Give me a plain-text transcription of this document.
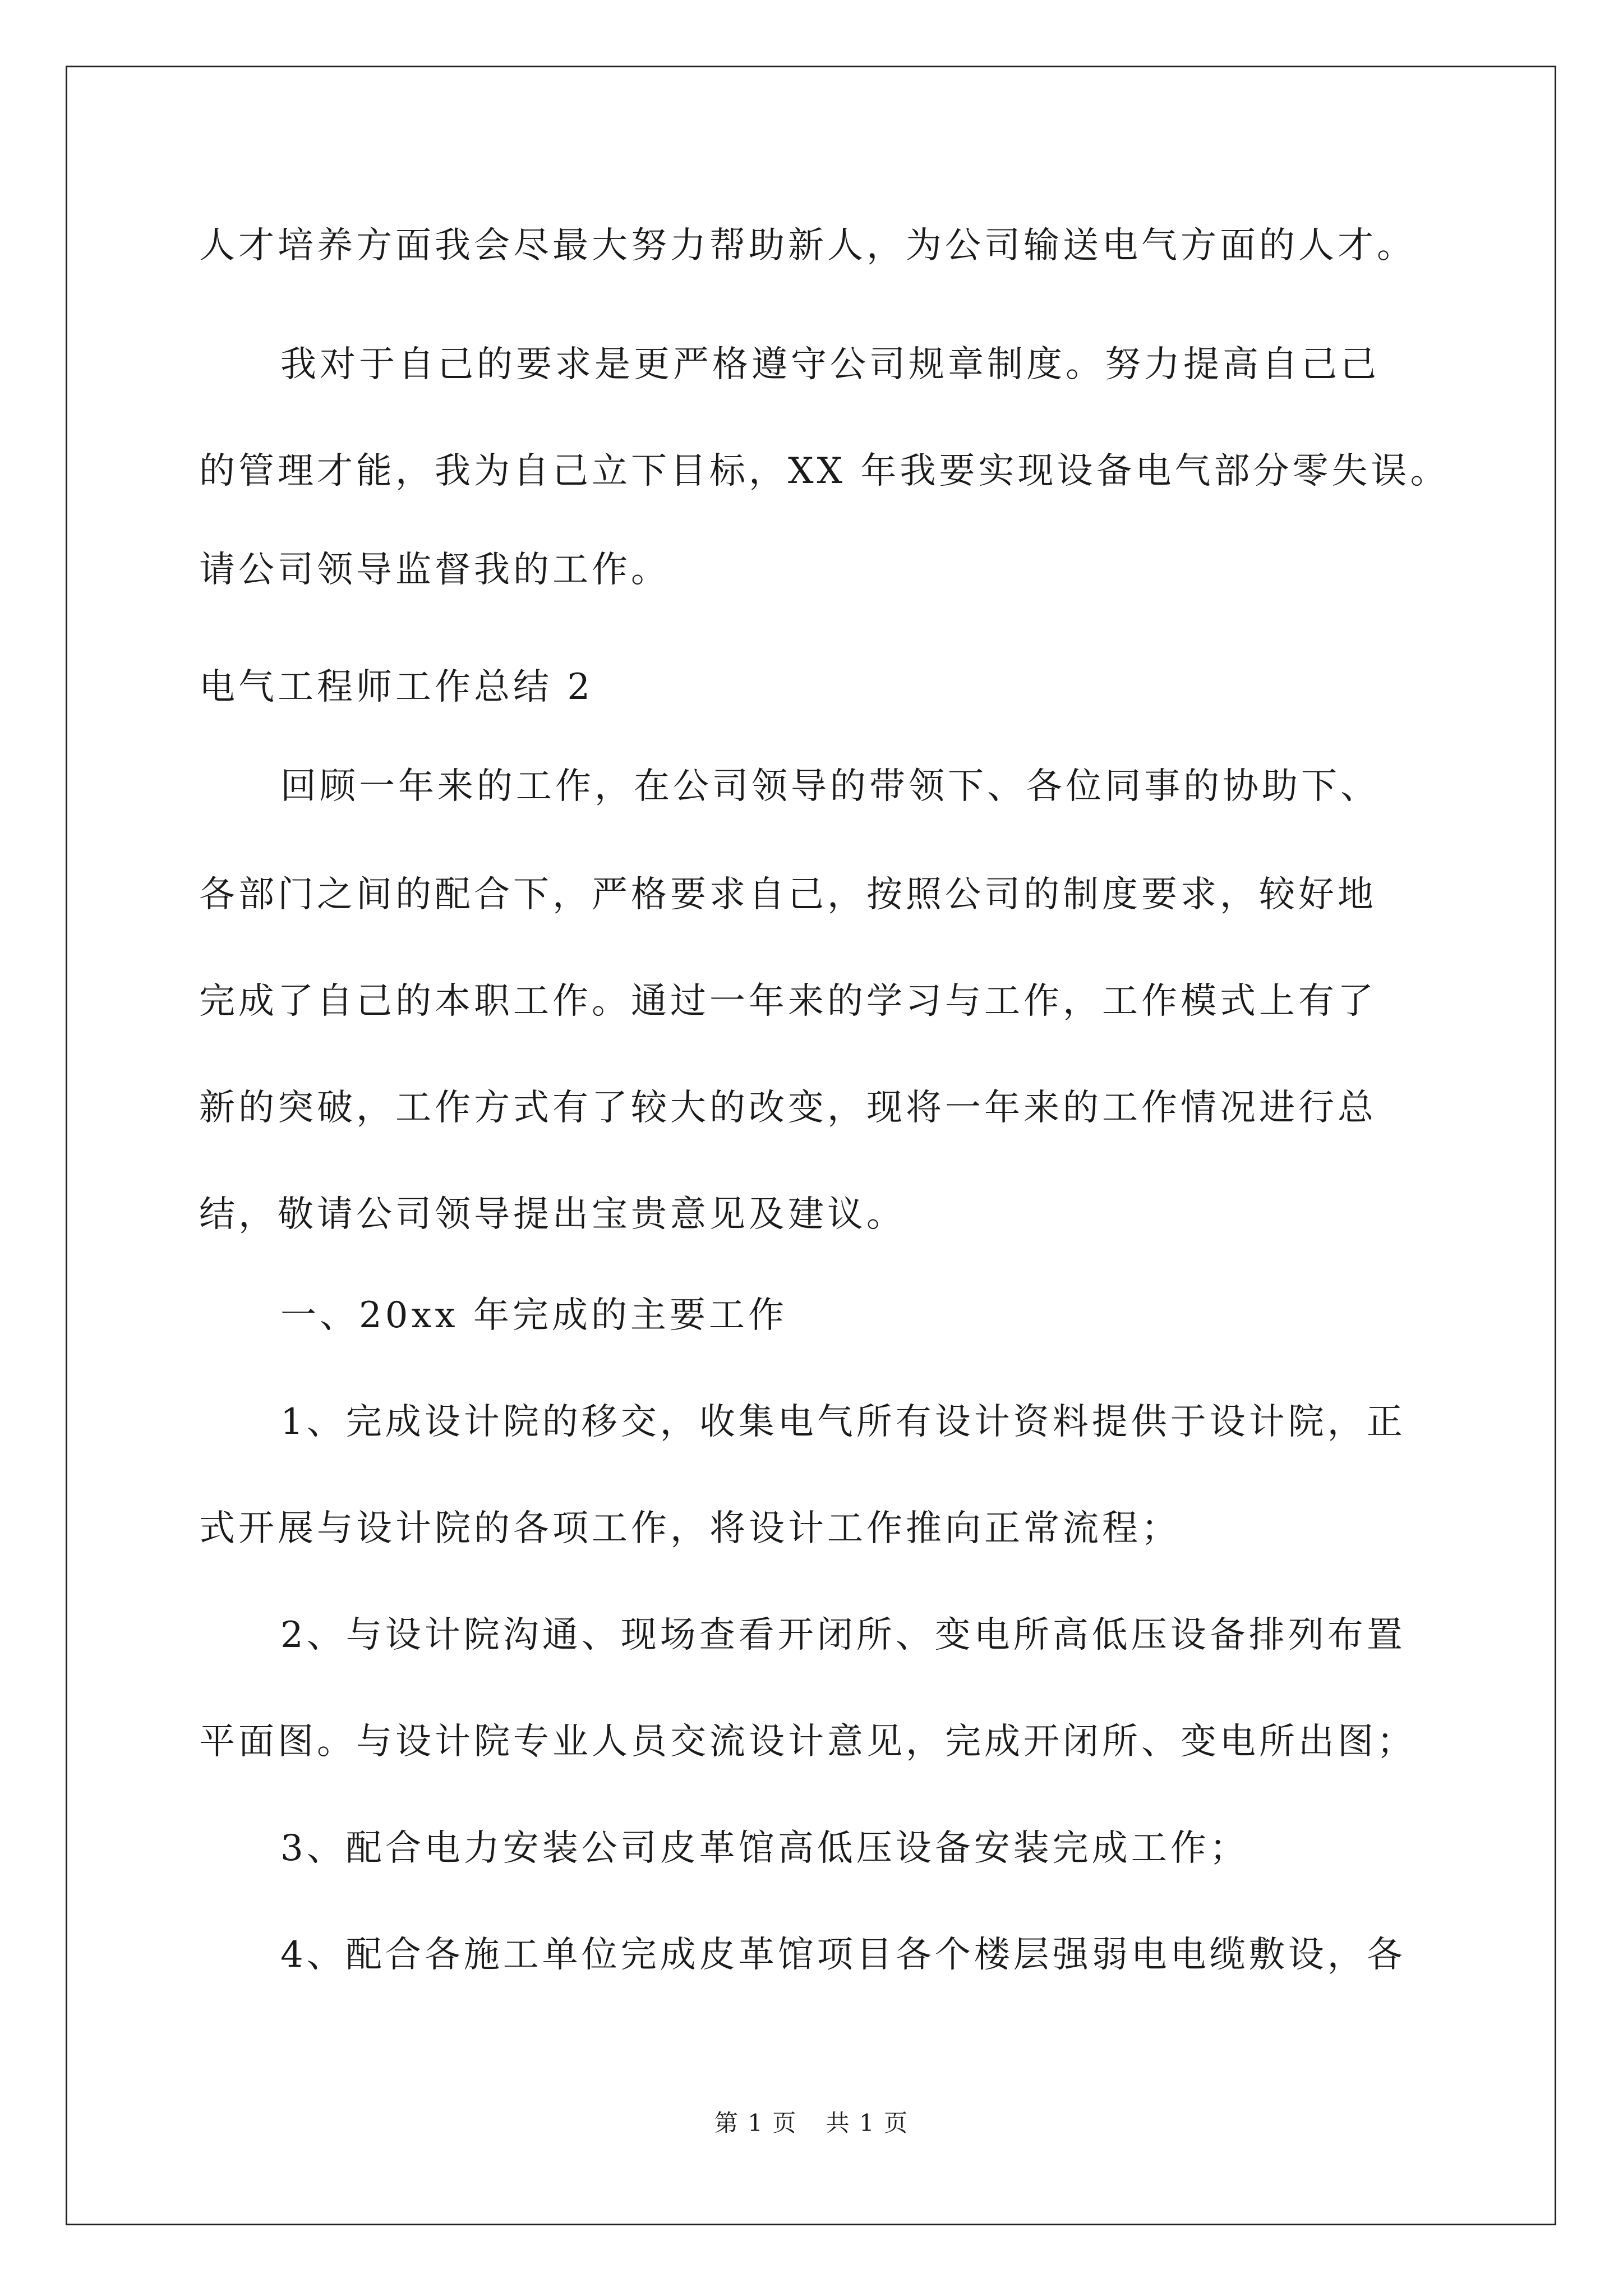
人才培养方面我会尽最大努力帮助新人，为公司输送电气方面的人才。
我对于自己的要求是更严格遵守公司规章制度。努力提高自己己
的管理才能，我为自己立下目标，XX 年我要实现设备电气部分零失误。
请公司领导监督我的工作。
电气工程师工作总结 2
回顾一年来的工作，在公司领导的带领下、各位同事的协助下、
各部门之间的配合下，严格要求自己，按照公司的制度要求，较好地
完成了自己的本职工作。通过一年来的学习与工作，工作模式上有了
新的突破，工作方式有了较大的改变，现将一年来的工作情况进行总
结，敬请公司领导提出宝贵意见及建议。
一、20xx 年完成的主要工作
1、完成设计院的移交，收集电气所有设计资料提供于设计院，正
式开展与设计院的各项工作，将设计工作推向正常流程；
2、与设计院沟通、现场查看开闭所、变电所高低压设备排列布置
平面图。与设计院专业人员交流设计意见，完成开闭所、变电所出图；
3、配合电力安装公司皮革馆高低压设备安装完成工作；
4、配合各施工单位完成皮革馆项目各个楼层强弱电电缆敷设，各
第 1 页 共 1 页
